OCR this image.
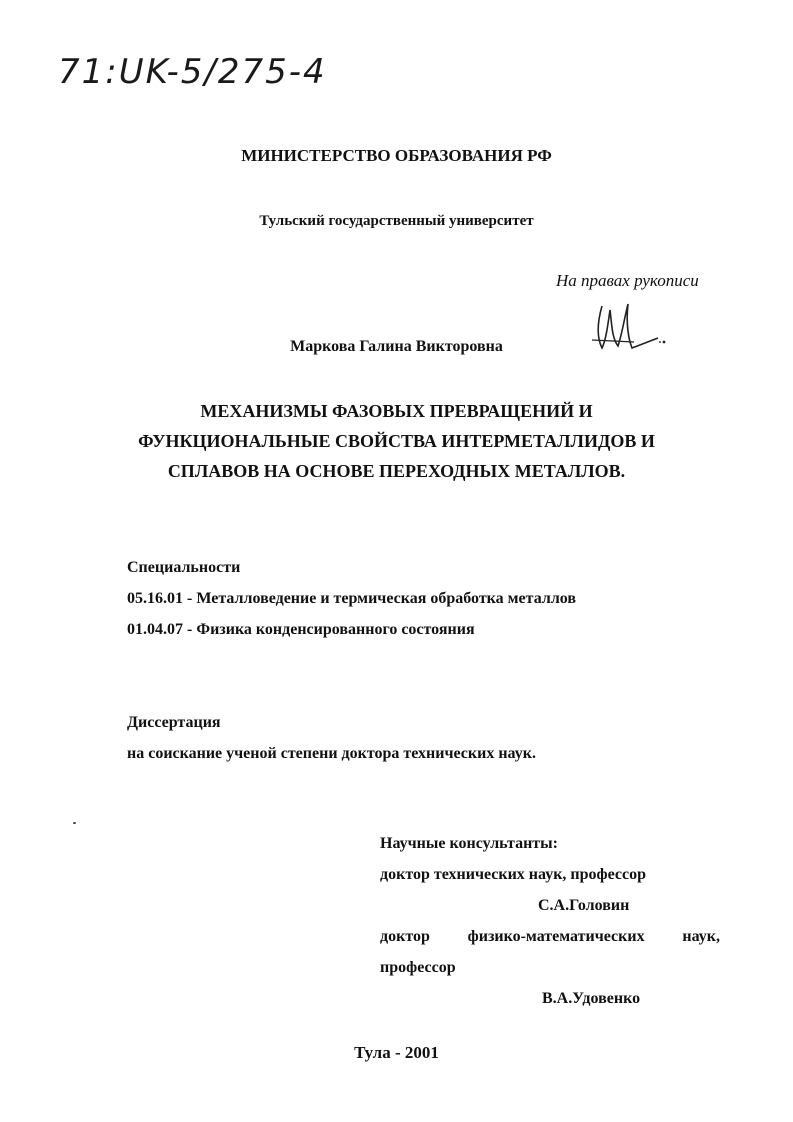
71:UK-5/275-4
МИНИСТЕРСТВО ОБРАЗОВАНИЯ РФ
Тульский государственный университет
На правах рукописи
Маркова Галина Викторовна
МЕХАНИЗМЫ ФАЗОВЫХ ПРЕВРАЩЕНИЙ И
ФУНКЦИОНАЛЬНЫЕ СВОЙСТВА ИНТЕРМЕТАЛЛИДОВ И
СПЛАВОВ НА ОСНОВЕ ПЕРЕХОДНЫХ МЕТАЛЛОВ.
Специальности
05.16.01 - Металловедение и термическая обработка металлов
01.04.07 - Физика конденсированного состояния
Диссертация
на соискание ученой степени доктора технических наук.
Научные консультанты:
доктор технических наук, профессор
С.А.Головин
доктор физико-математических наук,
профессор
В.А.Удовенко
Тула - 2001
